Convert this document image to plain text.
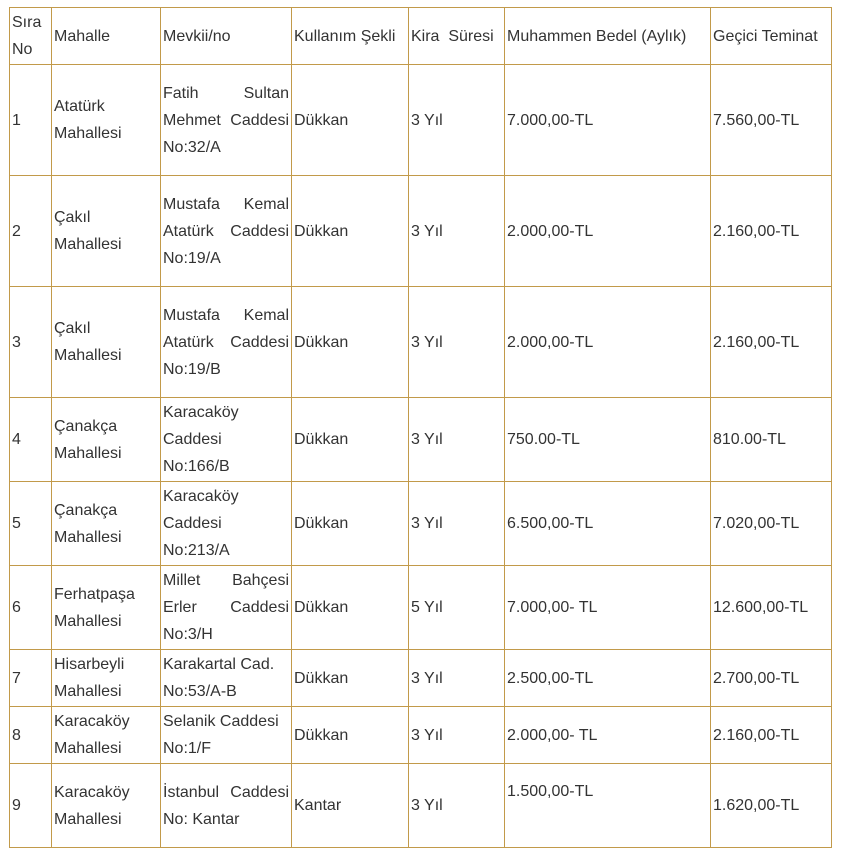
Sıra No	Mahalle	Mevkii/no	Kullanım Şekli	Kira  Süresi	Muhammen Bedel (Aylık)	Geçici Teminat
1	Atatürk Mahallesi	Fatih Sultan Mehmet Caddesi No:32/A	Dükkan	3 Yıl	7.000,00-TL	7.560,00-TL
2	Çakıl Mahallesi	Mustafa Kemal Atatürk Caddesi No:19/A	Dükkan	3 Yıl	2.000,00-TL	2.160,00-TL
3	Çakıl Mahallesi	Mustafa Kemal Atatürk Caddesi No:19/B	Dükkan	3 Yıl	2.000,00-TL	2.160,00-TL
4	Çanakça Mahallesi	Karacaköy Caddesi No:166/B	Dükkan	3 Yıl	750.00-TL	810.00-TL
5	Çanakça Mahallesi	Karacaköy Caddesi No:213/A	Dükkan	3 Yıl	6.500,00-TL	7.020,00-TL
6	Ferhatpaşa Mahallesi	Millet Bahçesi Erler Caddesi No:3/H	Dükkan	5 Yıl	7.000,00- TL	12.600,00-TL
7	Hisarbeyli Mahallesi	Karakartal Cad. No:53/A-B	Dükkan	3 Yıl	2.500,00-TL	2.700,00-TL
8	Karacaköy Mahallesi	Selanik Caddesi No:1/F	Dükkan	3 Yıl	2.000,00- TL	2.160,00-TL
9	Karacaköy Mahallesi	İstanbul Caddesi No: Kantar	Kantar	3 Yıl	1.500,00-TL	1.620,00-TL
